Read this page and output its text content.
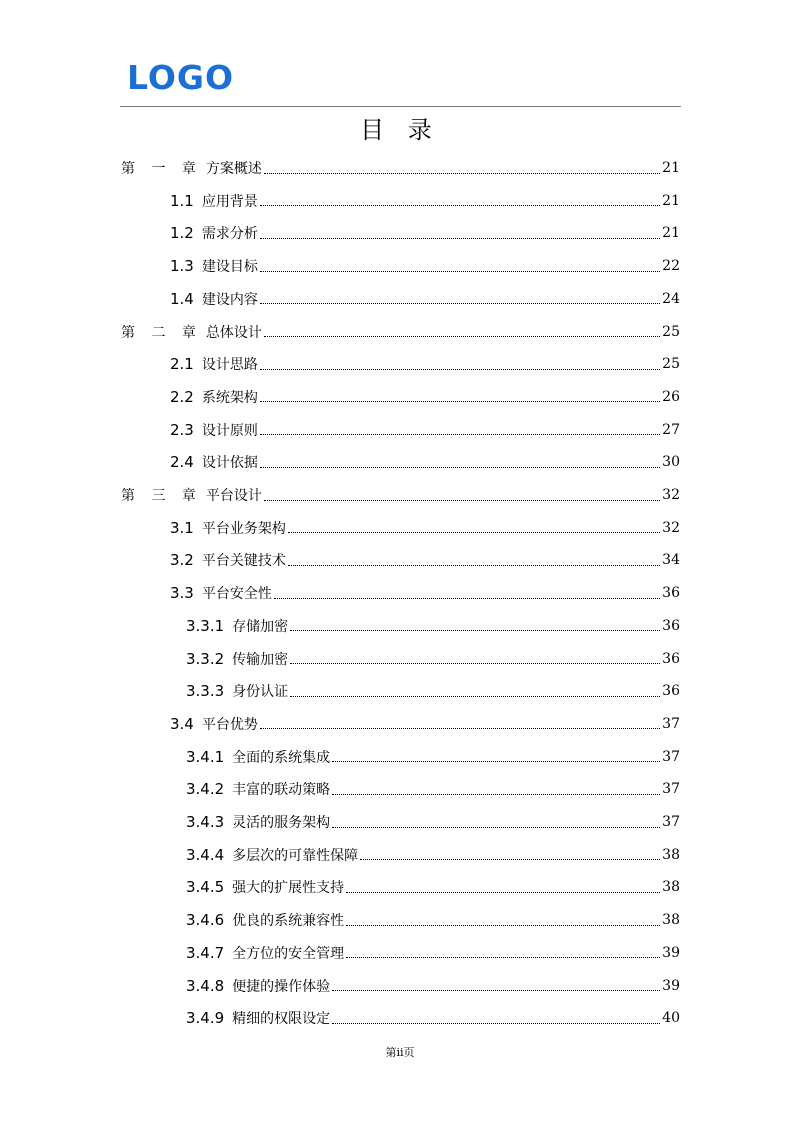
LOGO
目 录
第 一 章 方案概述	21
1.1 应用背景	21
1.2 需求分析	21
1.3 建设目标	22
1.4 建设内容	24
第 二 章 总体设计	25
2.1 设计思路	25
2.2 系统架构	26
2.3 设计原则	27
2.4 设计依据	30
第 三 章 平台设计	32
3.1 平台业务架构	32
3.2 平台关键技术	34
3.3 平台安全性	36
3.3.1 存储加密	36
3.3.2 传输加密	36
3.3.3 身份认证	36
3.4 平台优势	37
3.4.1 全面的系统集成	37
3.4.2 丰富的联动策略	37
3.4.3 灵活的服务架构	37
3.4.4 多层次的可靠性保障	38
3.4.5 强大的扩展性支持	38
3.4.6 优良的系统兼容性	38
3.4.7 全方位的安全管理	39
3.4.8 便捷的操作体验	39
3.4.9 精细的权限设定	40
第ii页
